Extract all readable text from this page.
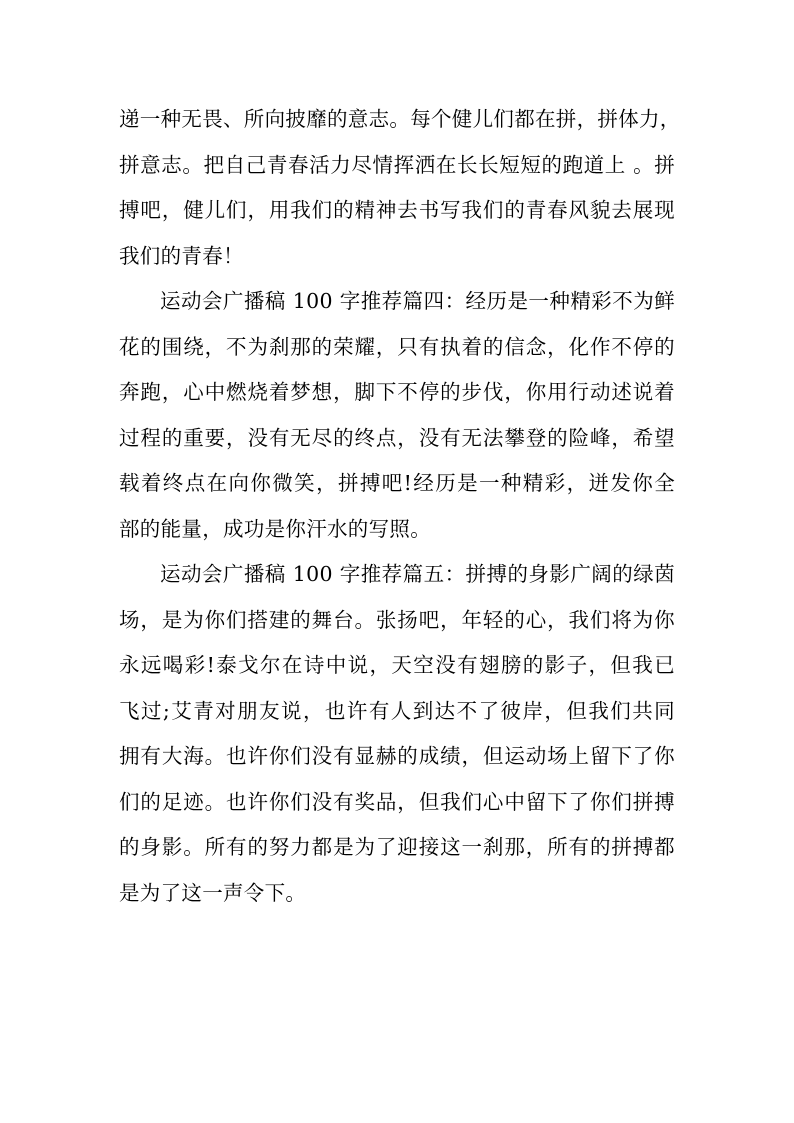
递一种无畏、所向披靡的意志。每个健儿们都在拼，拼体力，
拼意志。把自己青春活力尽情挥洒在长长短短的跑道上 。拼
搏吧，健儿们，用我们的精神去书写我们的青春风貌去展现
我们的青春！
运动会广播稿 100 字推荐篇四：经历是一种精彩不为鲜
花的围绕，不为刹那的荣耀，只有执着的信念，化作不停的
奔跑，心中燃烧着梦想，脚下不停的步伐，你用行动述说着
过程的重要，没有无尽的终点，没有无法攀登的险峰，希望
载着终点在向你微笑，拼搏吧!经历是一种精彩，迸发你全
部的能量，成功是你汗水的写照。
运动会广播稿 100 字推荐篇五：拼搏的身影广阔的绿茵
场，是为你们搭建的舞台。张扬吧，年轻的心，我们将为你
永远喝彩!泰戈尔在诗中说，天空没有翅膀的影子，但我已
飞过;艾青对朋友说，也许有人到达不了彼岸，但我们共同
拥有大海。也许你们没有显赫的成绩，但运动场上留下了你
们的足迹。也许你们没有奖品，但我们心中留下了你们拼搏
的身影。所有的努力都是为了迎接这一刹那，所有的拼搏都
是为了这一声令下。
